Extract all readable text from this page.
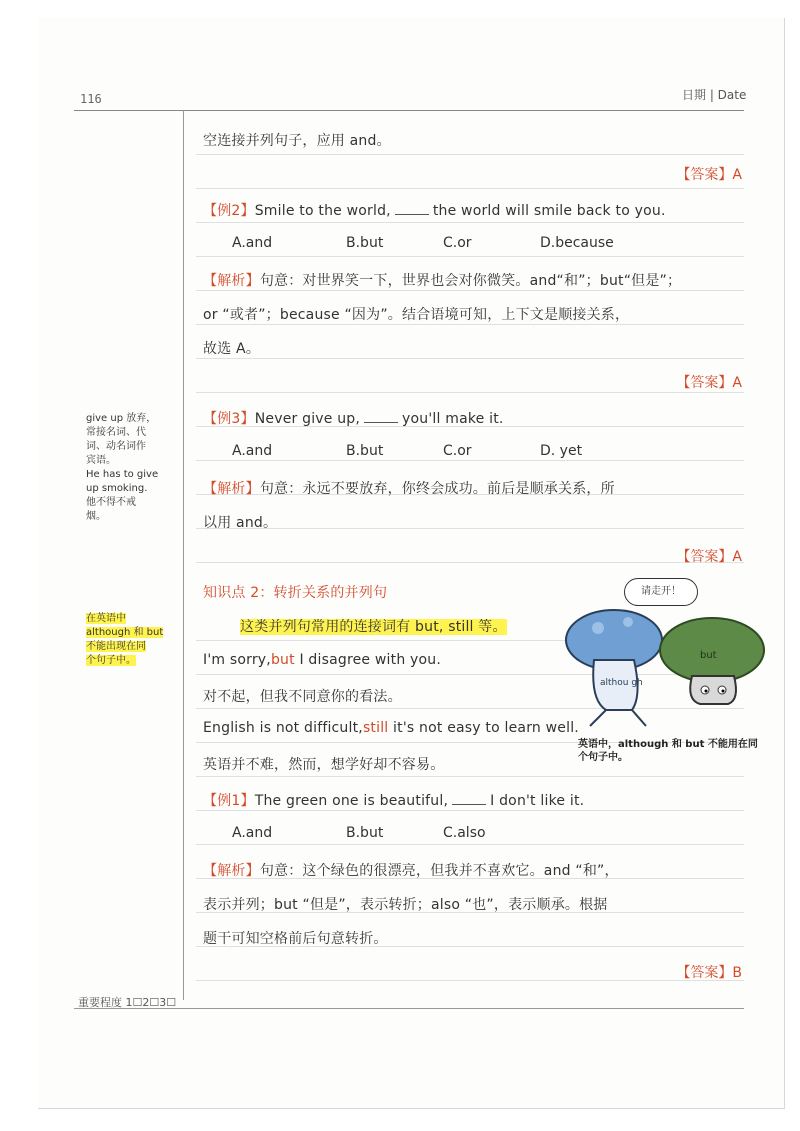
116	日期 | Date
give up 放弃，
常接名词、代
词、动名词作
宾语。
He has to give
up smoking.
他不得不戒
烟。
在英语中
although 和 but
不能出现在同
个句子中。
空连接并列句子，应用 and。
【答案】A
【例2】Smile to the world,	the world will smile back to you.
A.and	B.but	C.or	D.because
【解析】句意：对世界笑一下，世界也会对你微笑。and“和”；but“但是”；
or “或者”；because “因为”。结合语境可知，上下文是顺接关系，
故选 A。
【答案】A
【例3】Never give up,	you'll make it.
A.and	B.but	C.or	D. yet
【解析】句意：永远不要放弃，你终会成功。前后是顺承关系，所
以用 and。
【答案】A
知识点 2：转折关系的并列句
这类并列句常用的连接词有 but, still 等。
I'm sorry,but I disagree with you.
对不起，但我不同意你的看法。
English is not difficult,still it's not easy to learn well.
英语并不难，然而，想学好却不容易。
【例1】The green one is beautiful,	I don't like it.
A.and	B.but	C.also
【解析】句意：这个绿色的很漂亮，但我并不喜欢它。and “和”，
表示并列；but “但是”，表示转折；also “也”，表示顺承。根据
题干可知空格前后句意转折。
【答案】B
请走开！
althou gh
but
英语中，although 和 but 不能用在同
个句子中。
重要程度 1☐2☐3☐
